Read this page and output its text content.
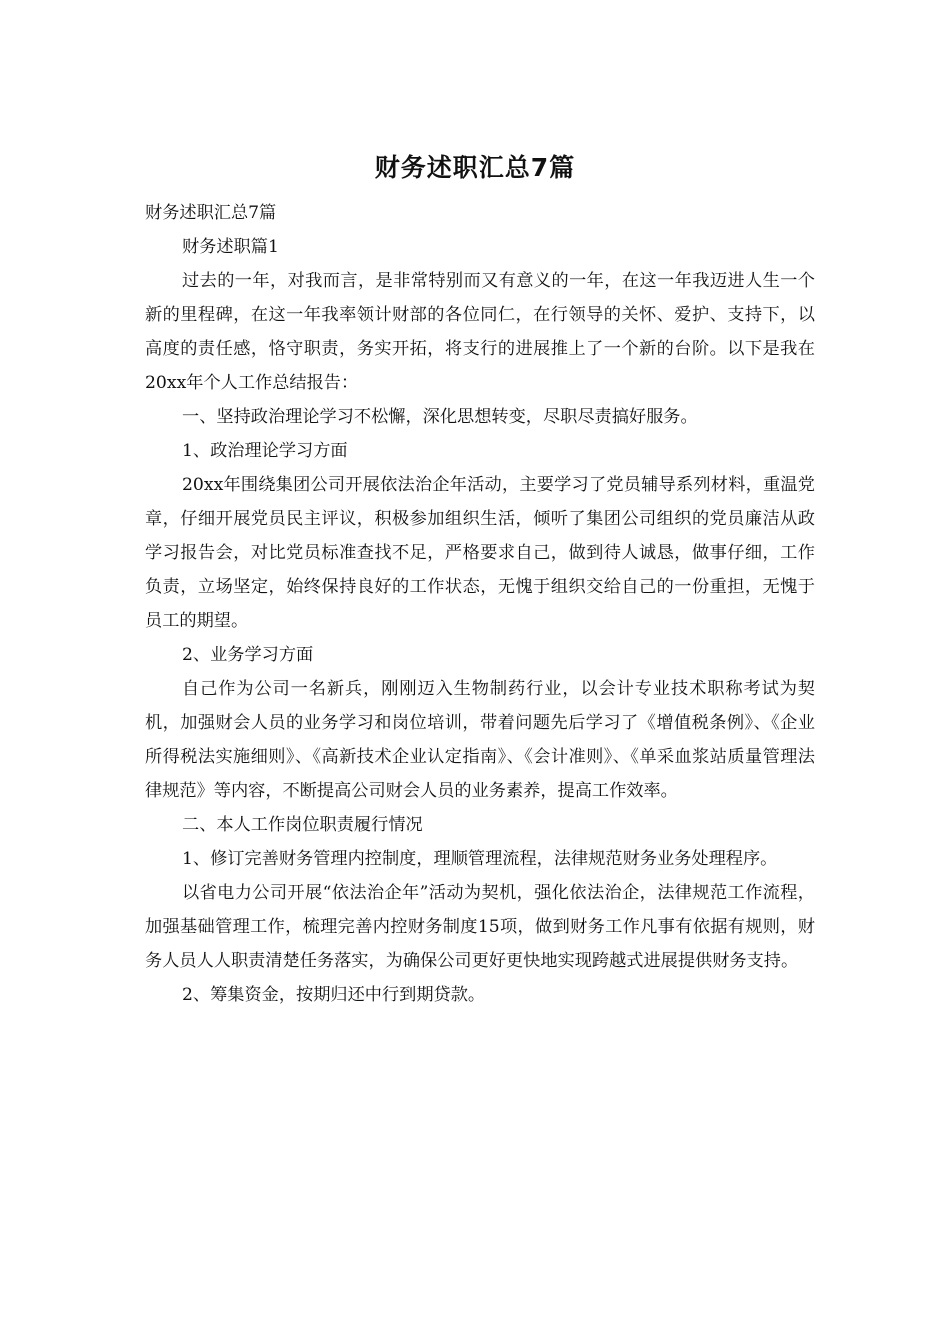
财务述职汇总7篇

财务述职汇总7篇

财务述职篇1

过去的一年，对我而言，是非常特别而又有意义的一年，在这一年我迈进人生一个新的里程碑，在这一年我率领计财部的各位同仁，在行领导的关怀、爱护、支持下，以高度的责任感，恪守职责，务实开拓，将支行的进展推上了一个新的台阶。以下是我在20xx年个人工作总结报告：

一、坚持政治理论学习不松懈，深化思想转变，尽职尽责搞好服务。

1、政治理论学习方面

20xx年围绕集团公司开展依法治企年活动，主要学习了党员辅导系列材料，重温党章，仔细开展党员民主评议，积极参加组织生活，倾听了集团公司组织的党员廉洁从政学习报告会，对比党员标准查找不足，严格要求自己，做到待人诚恳，做事仔细，工作负责，立场坚定，始终保持良好的工作状态，无愧于组织交给自己的一份重担，无愧于员工的期望。

2、业务学习方面

自己作为公司一名新兵，刚刚迈入生物制药行业，以会计专业技术职称考试为契机，加强财会人员的业务学习和岗位培训，带着问题先后学习了《增值税条例》、《企业所得税法实施细则》、《高新技术企业认定指南》、《会计准则》、《单采血浆站质量管理法律规范》等内容，不断提高公司财会人员的业务素养，提高工作效率。

二、本人工作岗位职责履行情况

1、修订完善财务管理内控制度，理顺管理流程，法律规范财务业务处理程序。

以省电力公司开展“依法治企年”活动为契机，强化依法治企，法律规范工作流程，加强基础管理工作，梳理完善内控财务制度15项，做到财务工作凡事有依据有规则，财务人员人人职责清楚任务落实，为确保公司更好更快地实现跨越式进展提供财务支持。

2、筹集资金，按期归还中行到期贷款。
